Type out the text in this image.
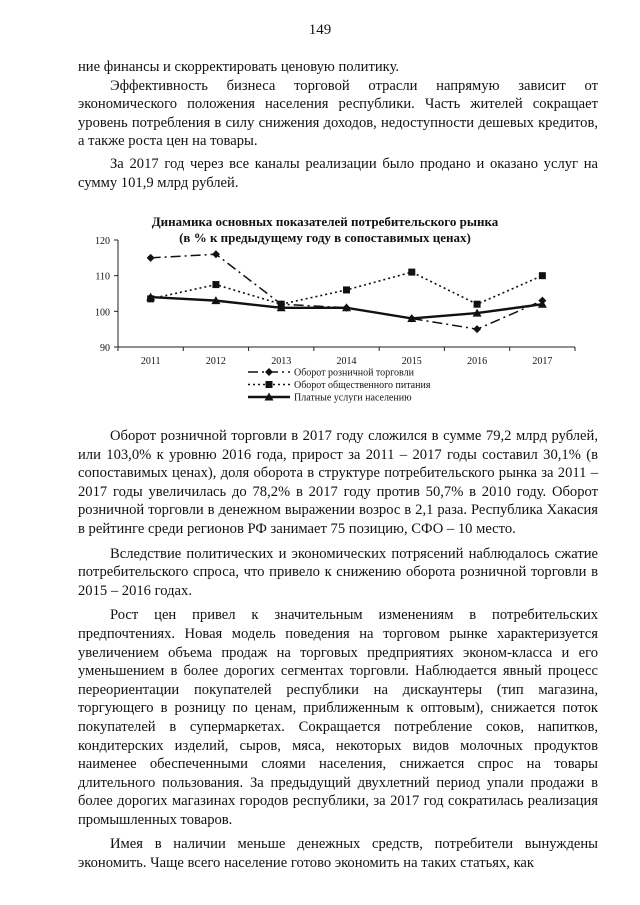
149

ние финансы и скорректировать ценовую политику.

Эффективность бизнеса торговой отрасли напрямую зависит от экономического положения населения республики. Часть жителей сокращает уровень потребления в силу снижения доходов, недоступности дешевых кредитов, а также роста цен на товары.

За 2017 год через все каналы реализации было продано и оказано услуг на сумму 101,9 млрд рублей.

Динамика основных показателей потребительского рынка
(в % к предыдущему году в сопоставимых ценах)
120
110
100
90
2011	2012	2013	2014	2015	2016	2017
Оборот розничной торговли
Оборот общественного питания
Платные услуги населению

Оборот розничной торговли в 2017 году сложился в сумме 79,2 млрд рублей, или 103,0% к уровню 2016 года, прирост за 2011 – 2017 годы составил 30,1% (в сопоставимых ценах), доля оборота в структуре потребительского рынка за 2011 – 2017 годы увеличилась до 78,2% в 2017 году против 50,7% в 2010 году. Оборот розничной торговли в денежном выражении возрос в 2,1 раза. Республика Хакасия в рейтинге среди регионов РФ занимает 75 позицию, СФО – 10 место.

Вследствие политических и экономических потрясений наблюдалось сжатие потребительского спроса, что привело к снижению оборота розничной торговли в 2015 – 2016 годах.

Рост цен привел к значительным изменениям в потребительских предпочтениях. Новая модель поведения на торговом рынке характеризуется увеличением объема продаж на торговых предприятиях эконом-класса и его уменьшением в более дорогих сегментах торговли. Наблюдается явный процесс переориентации покупателей республики на дискаунтеры (тип магазина, торгующего в розницу по ценам, приближенным к оптовым), снижается поток покупателей в супермаркетах. Сокращается потребление соков, напитков, кондитерских изделий, сыров, мяса, некоторых видов молочных продуктов наименее обеспеченными слоями населения, снижается спрос на товары длительного пользования. За предыдущий двухлетний период упали продажи в более дорогих магазинах городов республики, за 2017 год сократилась реализация промышленных товаров.

Имея в наличии меньше денежных средств, потребители вынуждены экономить. Чаще всего население готово экономить на таких статьях, как
